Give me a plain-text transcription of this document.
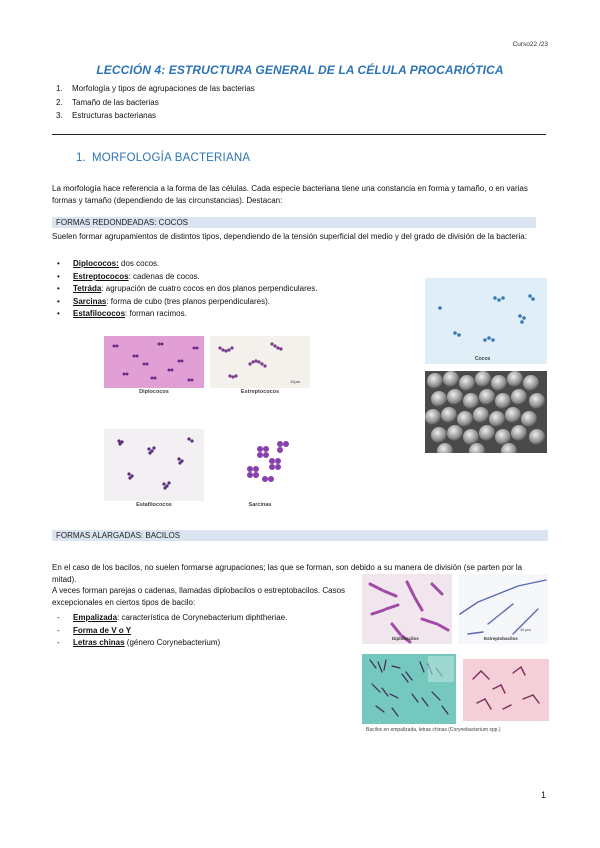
Curso22 /23
LECCIÓN 4: ESTRUCTURA GENERAL DE LA CÉLULA PROCARIÓTICA
1. Morfología y tipos de agrupaciones de las bacterias
2. Tamaño de las bacterias
3. Estructuras bacterianas
1. MORFOLOGÍA BACTERIANA
La morfología hace referencia a la forma de las células. Cada especie bacteriana tiene una constancia en forma y tamaño, o en varias formas y tamaño (dependiendo de las circunstancias). Destacan:
FORMAS REDONDEADAS: COCOS
Suelen formar agrupamientos de distintos tipos, dependiendo de la tensión superficial del medio y del grado de división de la bacteria:
• Diplococos: dos cocos.
• Estreptococos: cadenas de cocos.
• Tetráda: agrupación de cuatro cocos en dos planos perpendiculares.
• Sarcinas: forma de cubo (tres planos perpendiculares).
• Estafilococos: forman racimos.
Diplococos
10µm
Estreptococos
Estafilococos	Sarcinas
Cocos
FORMAS ALARGADAS: BACILOS
En el caso de los bacilos, no suelen formarse agrupaciones; las que se forman, son debido a su manera de división (se parten por la mitad).
A veces forman parejas o cadenas, llamadas diplobacilos o estreptobacilos. Casos excepcionales en ciertos tipos de bacilo:
- Empalizada: característica de Corynebacterium diphtheriae.
- Forma de V o Y
- Letras chinas (género Corynebacterium)	Diplobacilos
10 µm
Estreptobacilos
Bacilos en empalizada, letras chinas (Corynebacterium spp.)
1
